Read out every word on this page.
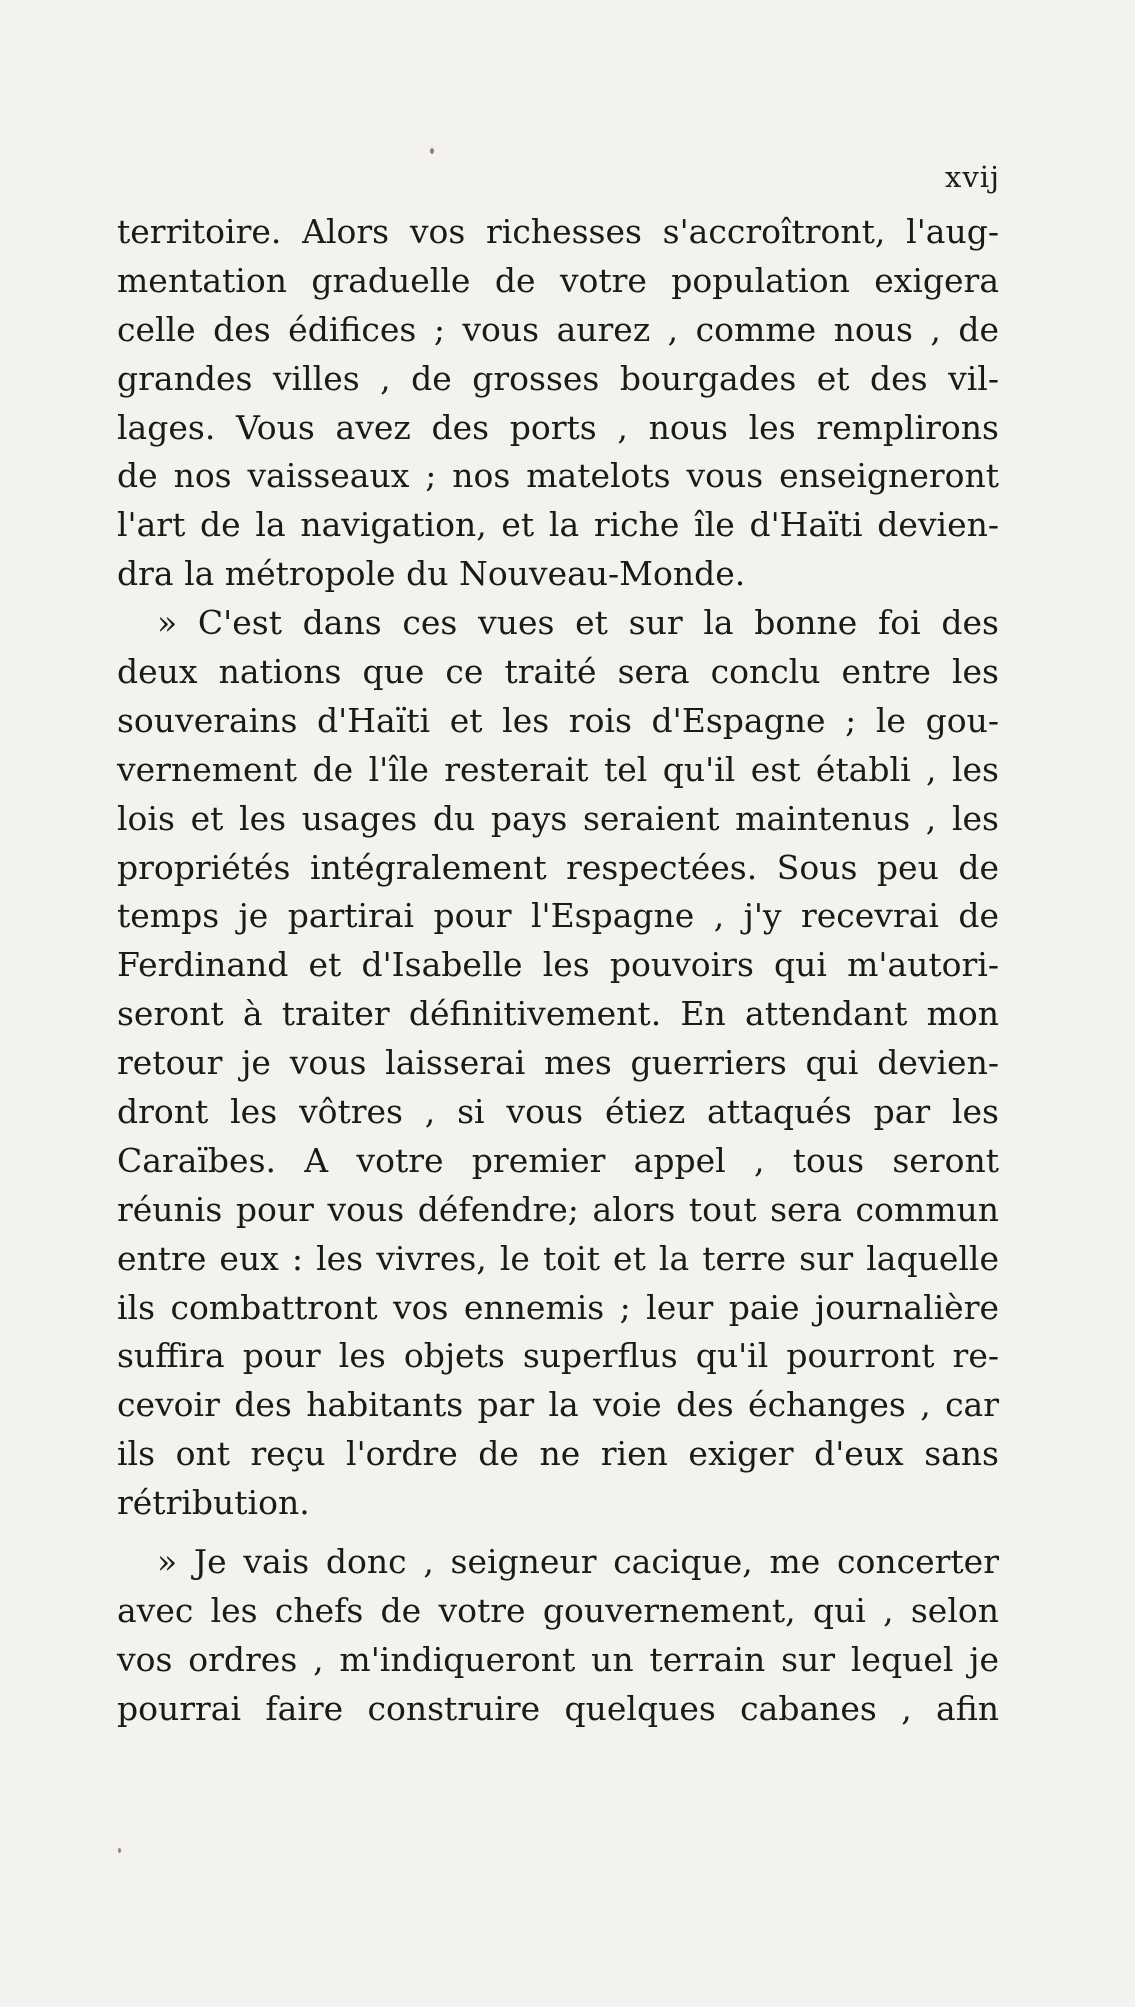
xvij
territoire. Alors vos richesses s'accroîtront, l'aug-
mentation graduelle de votre population exigera
celle des édifices ; vous aurez , comme nous , de
grandes villes , de grosses bourgades et des vil-
lages. Vous avez des ports , nous les remplirons
de nos vaisseaux ; nos matelots vous enseigneront
l'art de la navigation, et la riche île d'Haïti devien-
dra la métropole du Nouveau-Monde.
» C'est dans ces vues et sur la bonne foi des
deux nations que ce traité sera conclu entre les
souverains d'Haïti et les rois d'Espagne ; le gou-
vernement de l'île resterait tel qu'il est établi , les
lois et les usages du pays seraient maintenus , les
propriétés intégralement respectées. Sous peu de
temps je partirai pour l'Espagne , j'y recevrai de
Ferdinand et d'Isabelle les pouvoirs qui m'autori-
seront à traiter définitivement. En attendant mon
retour je vous laisserai mes guerriers qui devien-
dront les vôtres , si vous étiez attaqués par les
Caraïbes. A votre premier appel , tous seront
réunis pour vous défendre; alors tout sera commun
entre eux : les vivres, le toit et la terre sur laquelle
ils combattront vos ennemis ; leur paie journalière
suffira pour les objets superflus qu'il pourront re-
cevoir des habitants par la voie des échanges , car
ils ont reçu l'ordre de ne rien exiger d'eux sans
rétribution.
» Je vais donc , seigneur cacique, me concerter
avec les chefs de votre gouvernement, qui , selon
vos ordres , m'indiqueront un terrain sur lequel je
pourrai faire construire quelques cabanes , afin
